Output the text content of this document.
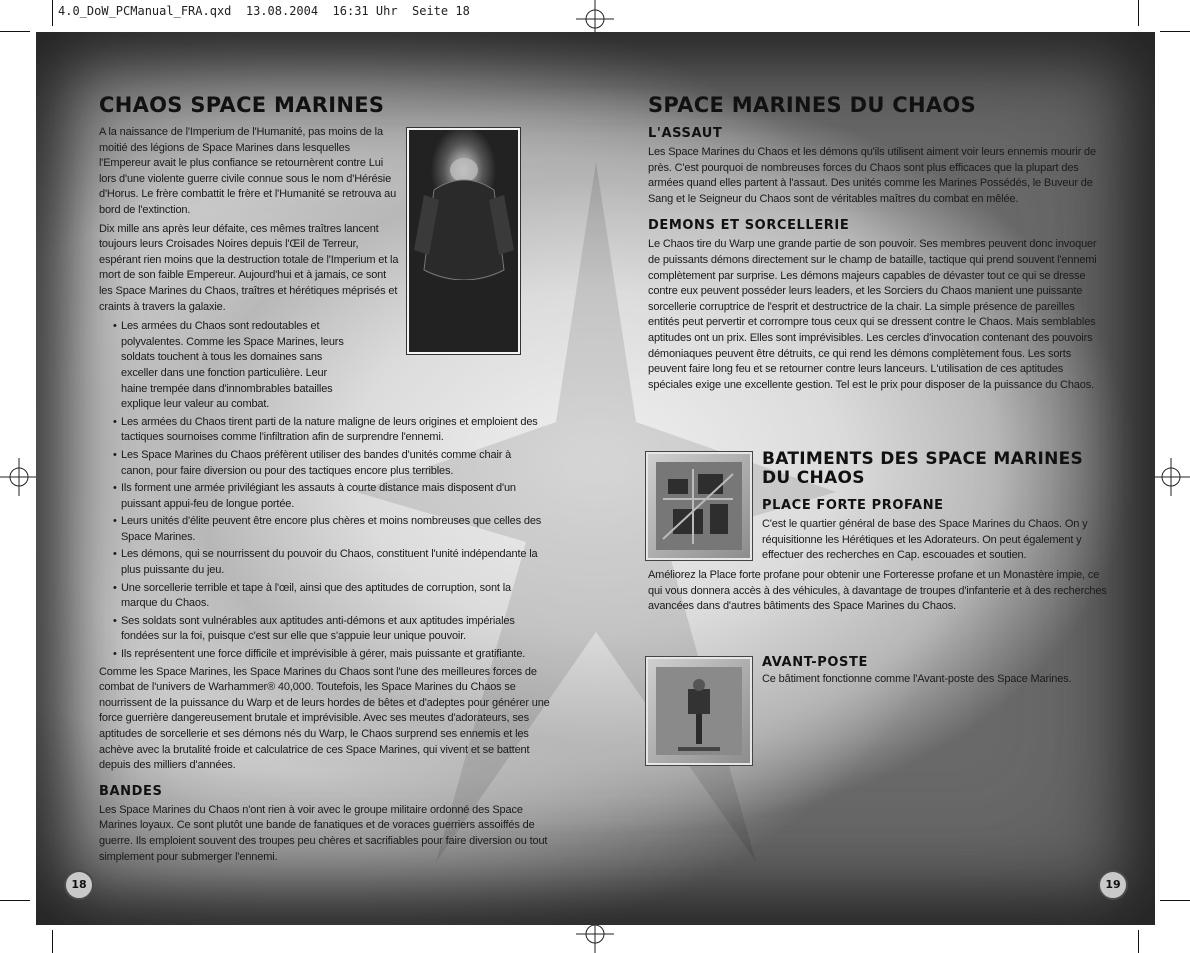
4.0_DoW_PCManual_FRA.qxd  13.08.2004  16:31 Uhr  Seite 18
CHAOS SPACE MARINES

A la naissance de l'Imperium de l'Humanité, pas moins de la moitié des légions de Space Marines dans lesquelles l'Empereur avait le plus confiance se retournèrent contre Lui lors d'une violente guerre civile connue sous le nom d'Hérésie d'Horus. Le frère combattit le frère et l'Humanité se retrouva au bord de l'extinction.

Dix mille ans après leur défaite, ces mêmes traîtres lancent toujours leurs Croisades Noires depuis l'Œil de Terreur, espérant rien moins que la destruction totale de l'Imperium et la mort de son faible Empereur. Aujourd'hui et à jamais, ce sont les Space Marines du Chaos, traîtres et hérétiques méprisés et craints à travers la galaxie.

• Les armées du Chaos sont redoutables et polyvalentes. Comme les Space Marines, leurs soldats touchent à tous les domaines sans exceller dans une fonction particulière. Leur haine trempée dans d'innombrables batailles explique leur valeur au combat.
• Les armées du Chaos tirent parti de la nature maligne de leurs origines et emploient des tactiques sournoises comme l'infiltration afin de surprendre l'ennemi.
• Les Space Marines du Chaos préfèrent utiliser des bandes d'unités comme chair à canon, pour faire diversion ou pour des tactiques encore plus terribles.
• Ils forment une armée privilégiant les assauts à courte distance mais disposent d'un puissant appui-feu de longue portée.
• Leurs unités d'élite peuvent être encore plus chères et moins nombreuses que celles des Space Marines.
• Les démons, qui se nourrissent du pouvoir du Chaos, constituent l'unité indépendante la plus puissante du jeu.
• Une sorcellerie terrible et tape à l'œil, ainsi que des aptitudes de corruption, sont la marque du Chaos.
• Ses soldats sont vulnérables aux aptitudes anti-démons et aux aptitudes impériales fondées sur la foi, puisque c'est sur elle que s'appuie leur unique pouvoir.
• Ils représentent une force difficile et imprévisible à gérer, mais puissante et gratifiante.

Comme les Space Marines, les Space Marines du Chaos sont l'une des meilleures forces de combat de l'univers de Warhammer® 40,000. Toutefois, les Space Marines du Chaos se nourrissent de la puissance du Warp et de leurs hordes de bêtes et d'adeptes pour générer une force guerrière dangereusement brutale et imprévisible. Avec ses meutes d'adorateurs, ses aptitudes de sorcellerie et ses démons nés du Warp, le Chaos surprend ses ennemis et les achève avec la brutalité froide et calculatrice de ces Space Marines, qui vivent et se battent depuis des milliers d'années.

BANDES

Les Space Marines du Chaos n'ont rien à voir avec le groupe militaire ordonné des Space Marines loyaux. Ce sont plutôt une bande de fanatiques et de voraces guerriers assoiffés de guerre. Ils emploient souvent des troupes peu chères et sacrifiables pour faire diversion ou tout simplement pour submerger l'ennemi.

18	19
SPACE MARINES DU CHAOS
L'ASSAUT

Les Space Marines du Chaos et les démons qu'ils utilisent aiment voir leurs ennemis mourir de près. C'est pourquoi de nombreuses forces du Chaos sont plus efficaces que la plupart des armées quand elles partent à l'assaut. Des unités comme les Marines Possédés, le Buveur de Sang et le Seigneur du Chaos sont de véritables maîtres du combat en mêlée.

DEMONS ET SORCELLERIE

Le Chaos tire du Warp une grande partie de son pouvoir. Ses membres peuvent donc invoquer de puissants démons directement sur le champ de bataille, tactique qui prend souvent l'ennemi complètement par surprise. Les démons majeurs capables de dévaster tout ce qui se dresse contre eux peuvent posséder leurs leaders, et les Sorciers du Chaos manient une puissante sorcellerie corruptrice de l'esprit et destructrice de la chair. La simple présence de pareilles entités peut pervertir et corrompre tous ceux qui se dressent contre le Chaos. Mais semblables aptitudes ont un prix. Elles sont imprévisibles. Les cercles d'invocation contenant des pouvoirs démoniaques peuvent être détruits, ce qui rend les démons complètement fous. Les sorts peuvent faire long feu et se retourner contre leurs lanceurs. L'utilisation de ces aptitudes spéciales exige une excellente gestion. Tel est le prix pour disposer de la puissance du Chaos.

BATIMENTS DES SPACE MARINES DU CHAOS
PLACE FORTE PROFANE

C'est le quartier général de base des Space Marines du Chaos. On y réquisitionne les Hérétiques et les Adorateurs. On peut également y effectuer des recherches en Cap. escouades et soutien.

Améliorez la Place forte profane pour obtenir une Forteresse profane et un Monastère impie, ce qui vous donnera accès à des véhicules, à davantage de troupes d'infanterie et à des recherches avancées dans d'autres bâtiments des Space Marines du Chaos.

AVANT-POSTE

Ce bâtiment fonctionne comme l'Avant-poste des Space Marines.
